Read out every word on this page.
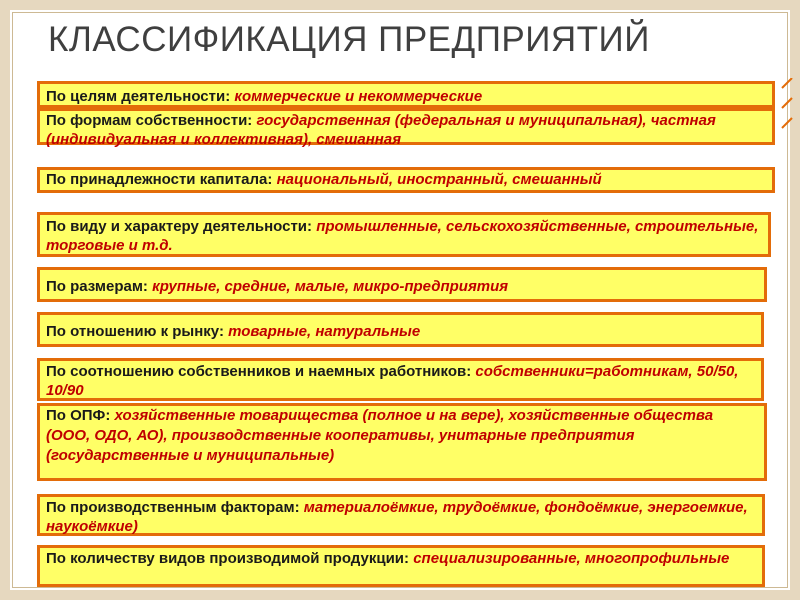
КЛАССИФИКАЦИЯ ПРЕДПРИЯТИЙ
По целям деятельности: коммерческие и некоммерческие
По формам собственности: государственная (федеральная и муниципальная), частная (индивидуальная и коллективная), смешанная
По принадлежности капитала: национальный, иностранный, смешанный
По виду и характеру деятельности: промышленные, сельскохозяйственные, строительные, торговые и т.д.
По размерам: крупные, средние, малые, микро-предприятия
По отношению к рынку: товарные, натуральные
По соотношению собственников и наемных работников: собственники=работникам, 50/50, 10/90
По ОПФ: хозяйственные товарищества (полное и на вере), хозяйственные общества (ООО, ОДО, АО), производственные кооперативы, унитарные предприятия (государственные и муниципальные)
По производственным факторам: материалоёмкие, трудоёмкие, фондоёмкие, энергоемкие, наукоёмкие)
По количеству видов производимой продукции: специализированные, многопрофильные
